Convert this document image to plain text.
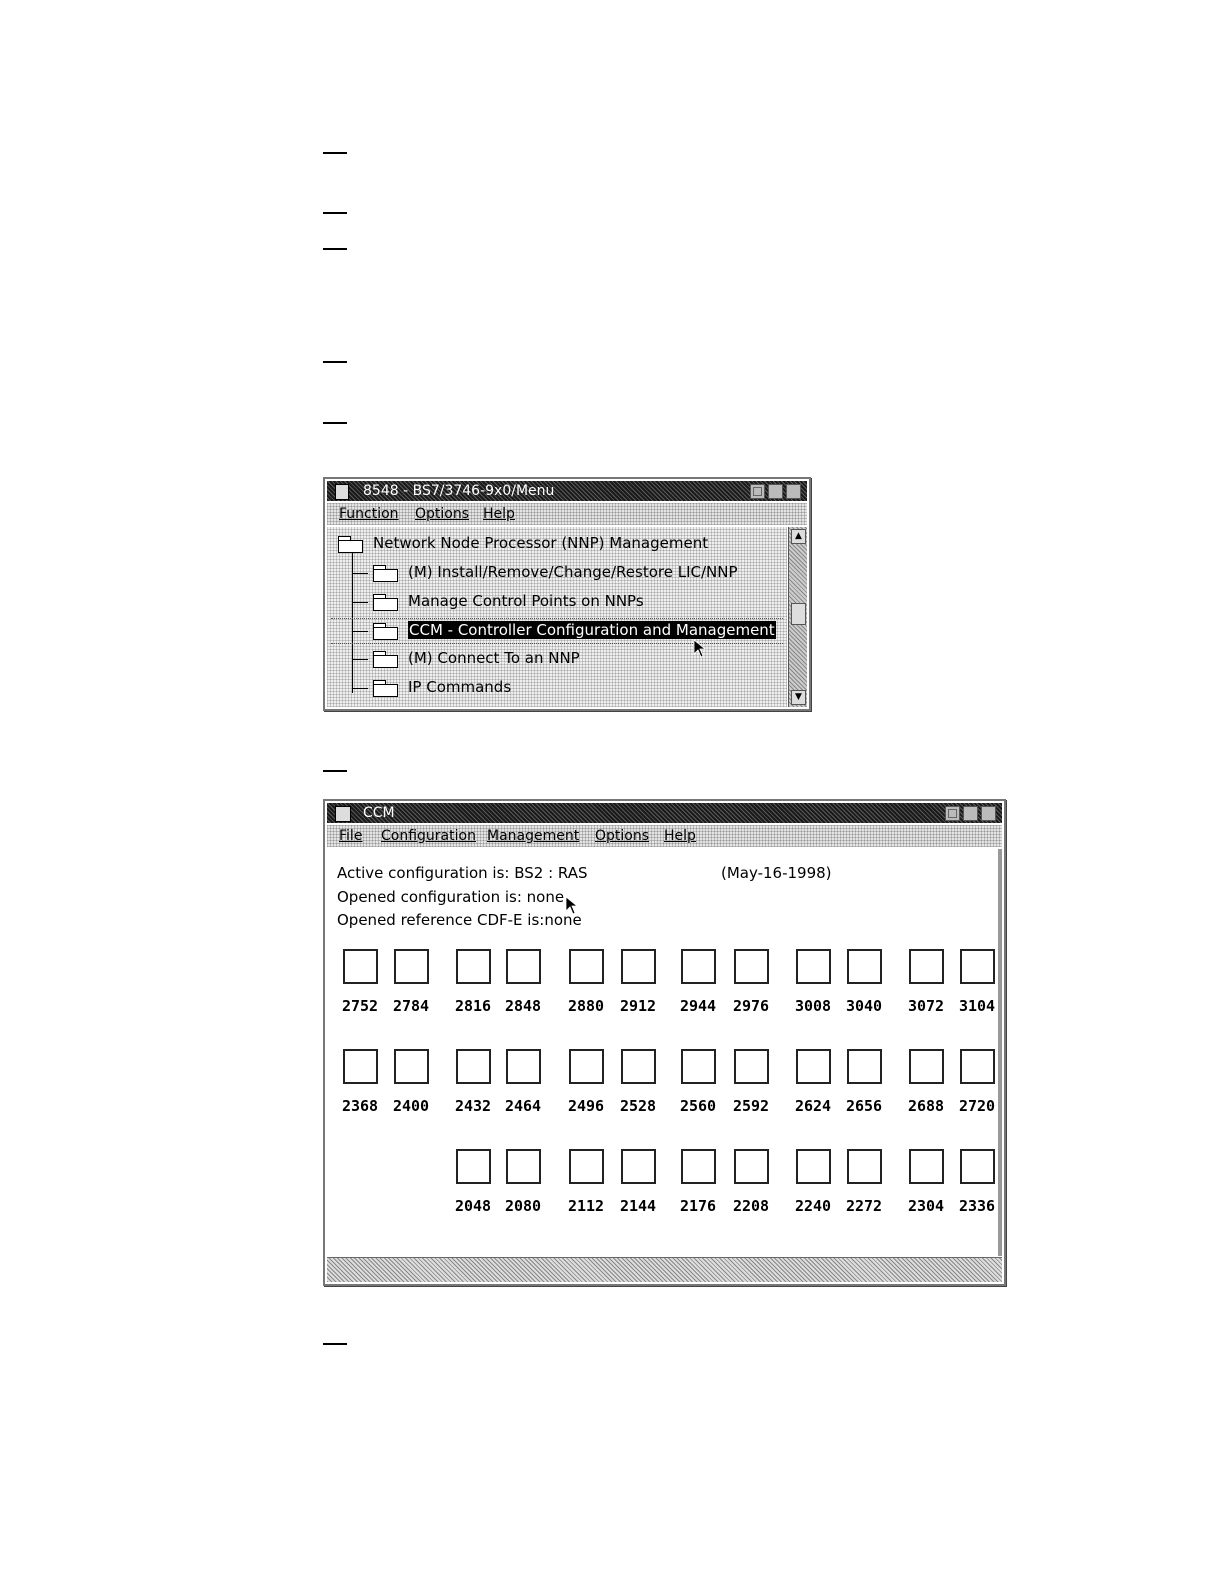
8548 - BS7/3746-9x0/Menu
Function Options Help
Network Node Processor (NNP) Management
(M) Install/Remove/Change/Restore LIC/NNP
Manage Control Points on NNPs
CCM - Controller Configuration and Management
(M) Connect To an NNP
IP Commands
▲
▼
CCM
File Configuration Management Options Help
Active configuration is: BS2 : RAS	(May-16-1998)
Opened configuration is: none
Opened reference CDF-E is:none
2752 2784	2816 2848	2880	2912	2944	2976	3008 3040	3072 3104
2368 2400	2432 2464	2496	2528	2560	2592	2624 2656	2688 2720
2048 2080	2112	2144	2176	2208	2240 2272	2304 2336
